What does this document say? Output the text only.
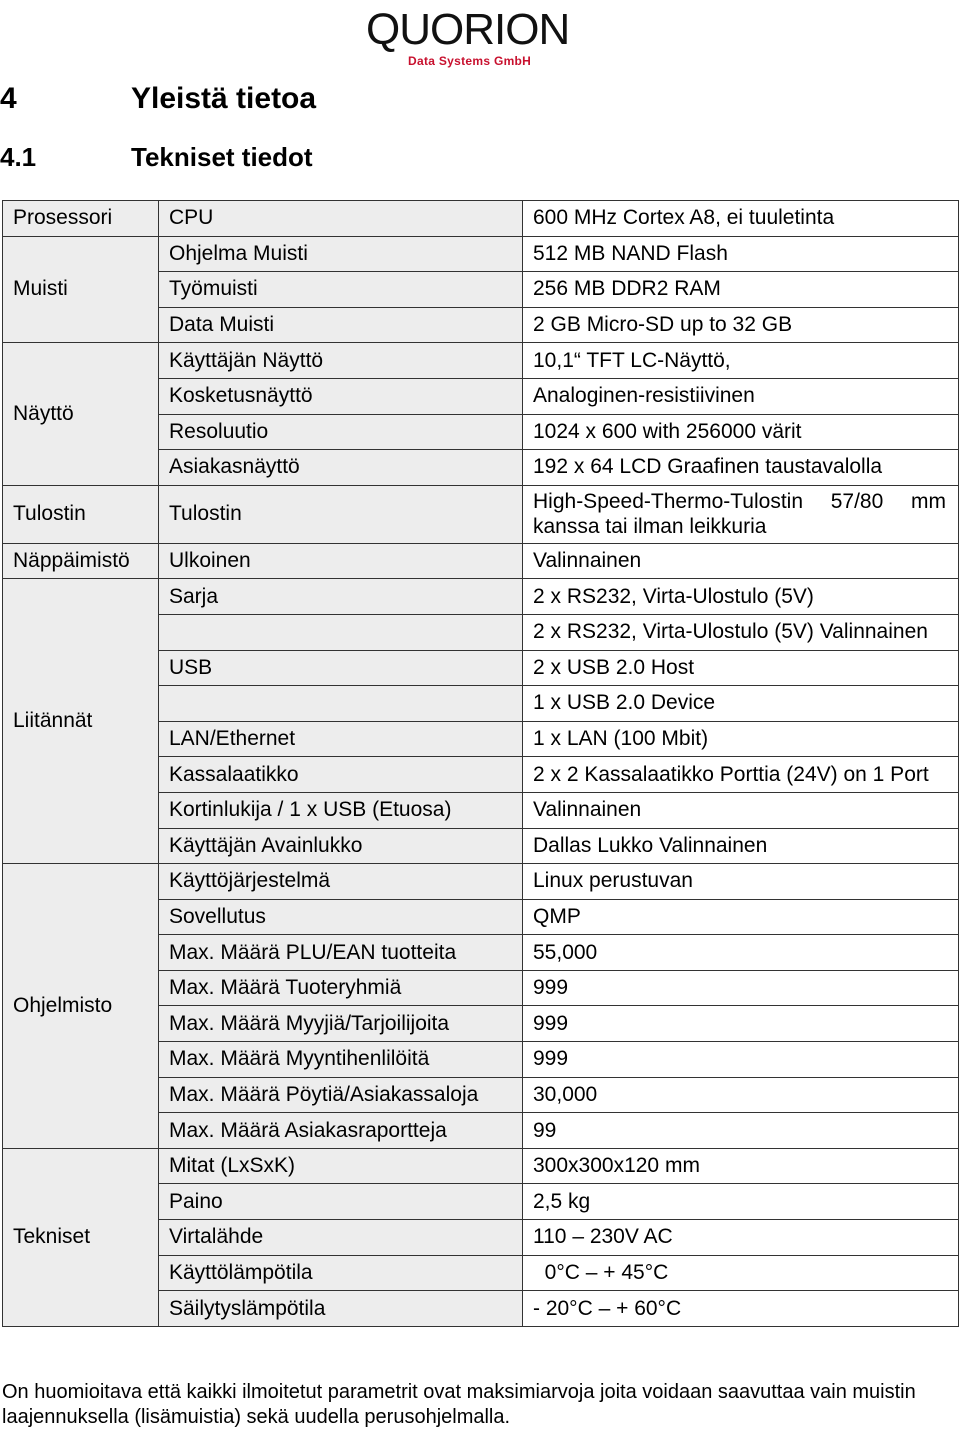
QUORION
Data Systems GmbH
4	Yleistä tietoa
4.1	Tekniset tiedot
Prosessori	CPU	600 MHz Cortex A8, ei tuuletinta
Muisti	Ohjelma Muisti	512 MB NAND Flash
	Työmuisti	256 MB DDR2 RAM
	Data Muisti	2 GB Micro-SD up to 32 GB
Näyttö	Käyttäjän Näyttö	10,1“ TFT LC-Näyttö,
	Kosketusnäyttö	Analoginen-resistiivinen
	Resoluutio	1024 x 600 with 256000 värit
	Asiakasnäyttö	192 x 64 LCD Graafinen taustavalolla
Tulostin	Tulostin	High-Speed-Thermo-Tulostin 57/80 mm
kanssa tai ilman leikkuria

Näppäimistö	Ulkoinen	Valinnainen
Liitännät	Sarja	2 x RS232, Virta-Ulostulo (5V)
		2 x RS232, Virta-Ulostulo (5V) Valinnainen
	USB	2 x USB 2.0 Host
		1 x USB 2.0 Device
	LAN/Ethernet	1 x LAN (100 Mbit)
	Kassalaatikko	2 x 2 Kassalaatikko Porttia (24V) on 1 Port
	Kortinlukija / 1 x USB (Etuosa)	Valinnainen
	Käyttäjän Avainlukko	Dallas Lukko Valinnainen
Ohjelmisto	Käyttöjärjestelmä	Linux perustuvan
	Sovellutus	QMP
	Max. Määrä PLU/EAN tuotteita	55,000
	Max. Määrä Tuoteryhmiä	999
	Max. Määrä Myyjiä/Tarjoilijoita	999
	Max. Määrä Myyntihenlilöitä	999
	Max. Määrä Pöytiä/Asiakassaloja	30,000
	Max. Määrä Asiakasraportteja	99
Tekniset	Mitat (LxSxK)	300x300x120 mm
	Paino	2,5 kg
	Virtalähde	110 – 230V AC
	Käyttölämpötila	0°C – + 45°C
	Säilytyslämpötila	- 20°C – + 60°C
On huomioitava että kaikki ilmoitetut parametrit ovat maksimiarvoja joita voidaan saavuttaa vain muistin laajennuksella (lisämuistia) sekä uudella perusohjelmalla.
